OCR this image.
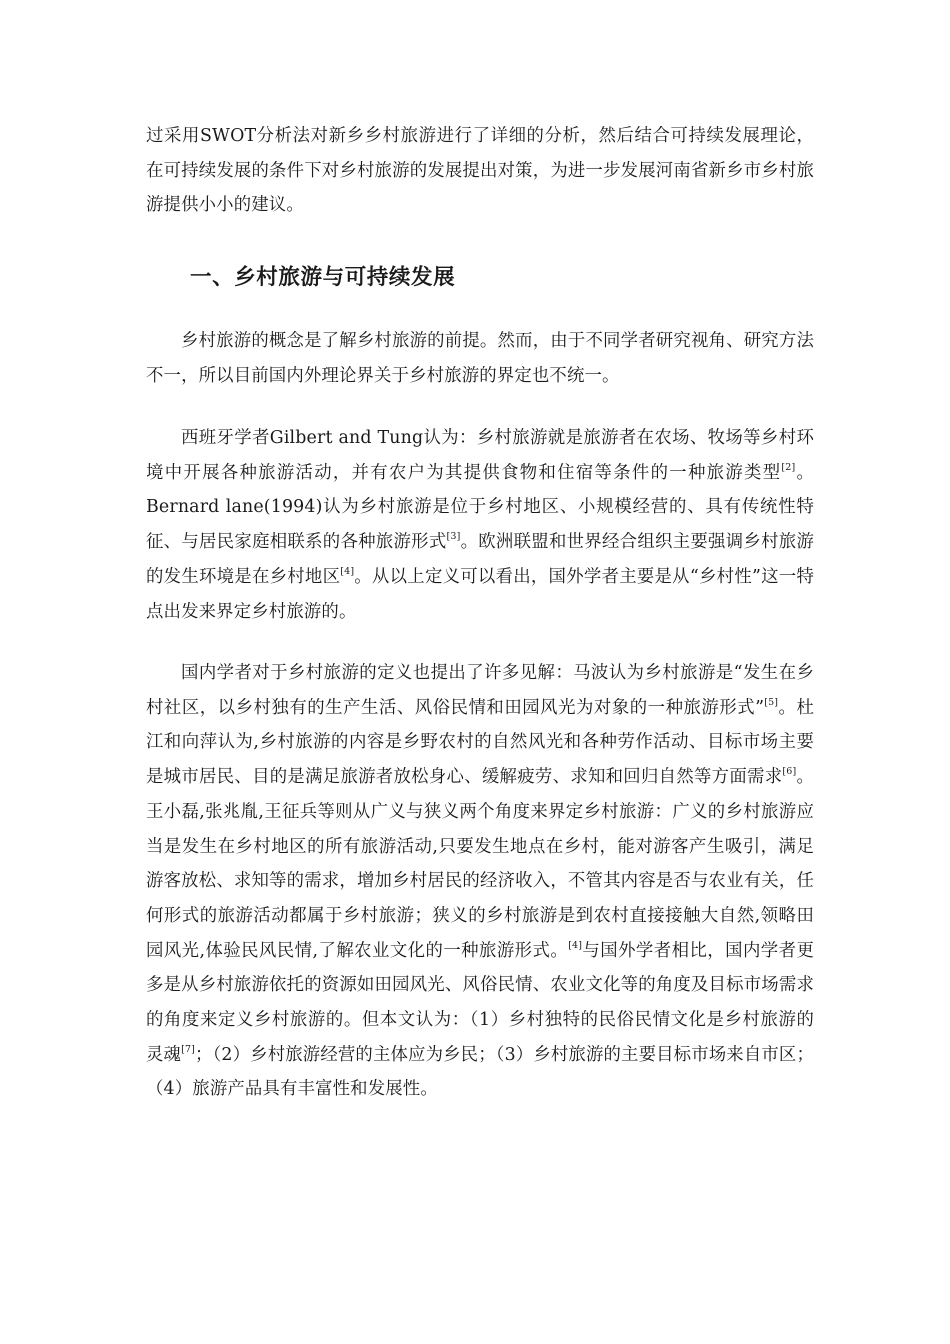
过采用SWOT分析法对新乡乡村旅游进行了详细的分析，然后结合可持续发展理论，在可持续发展的条件下对乡村旅游的发展提出对策，为进一步发展河南省新乡市乡村旅游提供小小的建议。

一、乡村旅游与可持续发展

乡村旅游的概念是了解乡村旅游的前提。然而，由于不同学者研究视角、研究方法不一，所以目前国内外理论界关于乡村旅游的界定也不统一。

西班牙学者Gilbert and Tung认为：乡村旅游就是旅游者在农场、牧场等乡村环境中开展各种旅游活动，并有农户为其提供食物和住宿等条件的一种旅游类型[2]。Bernard lane(1994)认为乡村旅游是位于乡村地区、小规模经营的、具有传统性特征、与居民家庭相联系的各种旅游形式[3]。欧洲联盟和世界经合组织主要强调乡村旅游的发生环境是在乡村地区[4]。从以上定义可以看出，国外学者主要是从“乡村性”这一特点出发来界定乡村旅游的。

国内学者对于乡村旅游的定义也提出了许多见解：马波认为乡村旅游是“发生在乡村社区，以乡村独有的生产生活、风俗民情和田园风光为对象的一种旅游形式”[5]。杜江和向萍认为,乡村旅游的内容是乡野农村的自然风光和各种劳作活动、目标市场主要是城市居民、目的是满足旅游者放松身心、缓解疲劳、求知和回归自然等方面需求[6]。王小磊,张兆胤,王征兵等则从广义与狭义两个角度来界定乡村旅游：广义的乡村旅游应当是发生在乡村地区的所有旅游活动,只要发生地点在乡村，能对游客产生吸引，满足游客放松、求知等的需求，增加乡村居民的经济收入，不管其内容是否与农业有关，任何形式的旅游活动都属于乡村旅游；狭义的乡村旅游是到农村直接接触大自然,领略田园风光,体验民风民情,了解农业文化的一种旅游形式。[4]与国外学者相比，国内学者更多是从乡村旅游依托的资源如田园风光、风俗民情、农业文化等的角度及目标市场需求的角度来定义乡村旅游的。但本文认为：（1）乡村独特的民俗民情文化是乡村旅游的灵魂[7]；（2）乡村旅游经营的主体应为乡民；（3）乡村旅游的主要目标市场来自市区；（4）旅游产品具有丰富性和发展性。
